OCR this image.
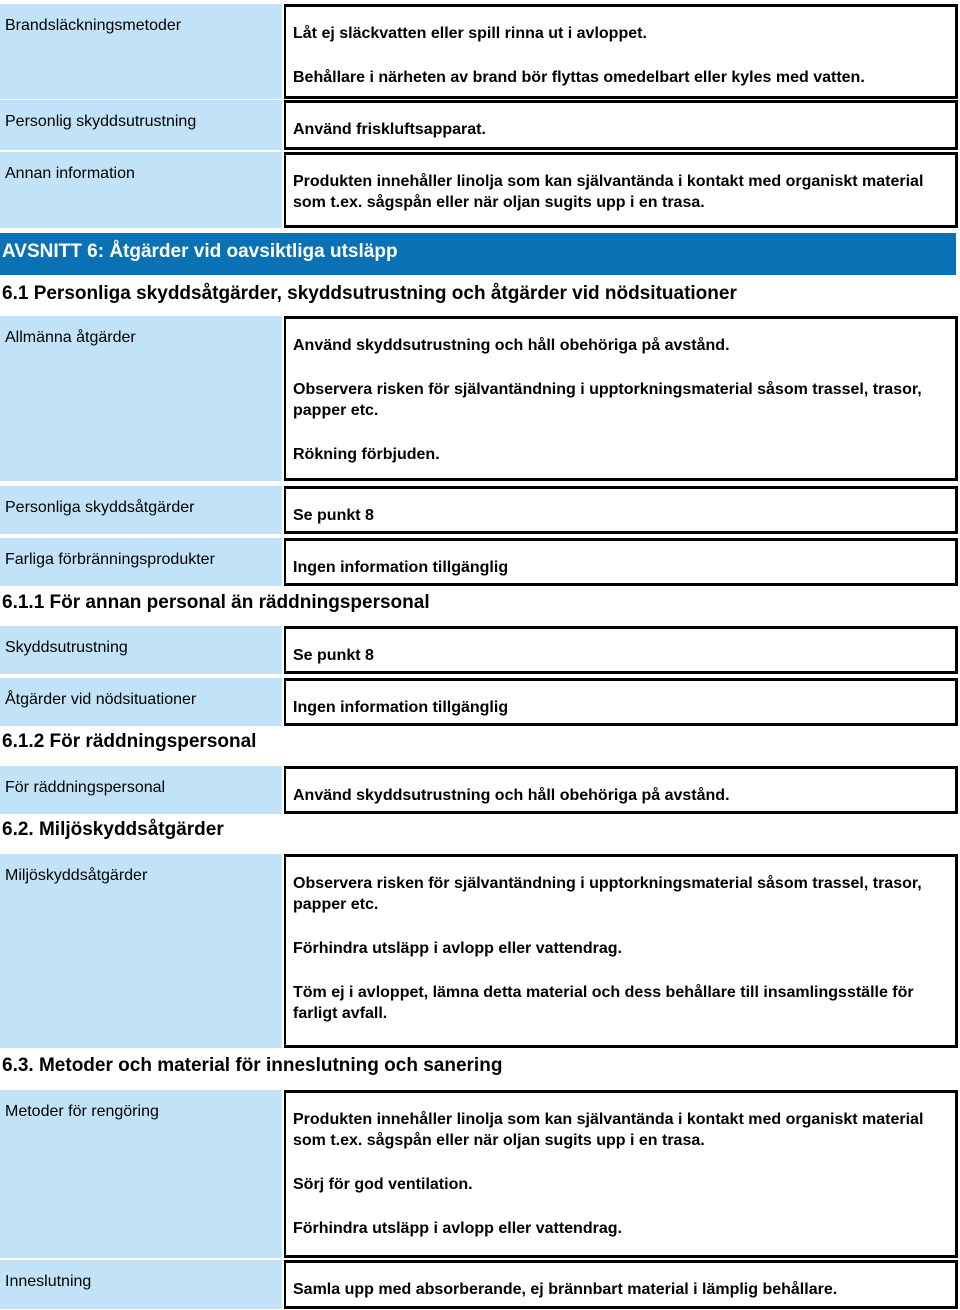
Brandsläckningsmetoder	Låt ej släckvatten eller spill rinna ut i avloppet.

Behållare i närheten av brand bör flyttas omedelbart eller kyles med vatten.

Personlig skyddsutrustning	Använd friskluftsapparat.

Annan information	Produkten innehåller linolja som kan självantända i kontakt med organiskt material som t.ex. sågspån eller när oljan sugits upp i en trasa.

AVSNITT 6: Åtgärder vid oavsiktliga utsläpp
6.1 Personliga skyddsåtgärder, skyddsutrustning och åtgärder vid nödsituationer
Allmänna åtgärder	Använd skyddsutrustning och håll obehöriga på avstånd.

Observera risken för självantändning i upptorkningsmaterial såsom trassel, trasor, papper etc.

Rökning förbjuden.

Personliga skyddsåtgärder	Se punkt 8

Farliga förbränningsprodukter	Ingen information tillgänglig

6.1.1 För annan personal än räddningspersonal
Skyddsutrustning	Se punkt 8

Åtgärder vid nödsituationer	Ingen information tillgänglig

6.1.2 För räddningspersonal
För räddningspersonal	Använd skyddsutrustning och håll obehöriga på avstånd.

6.2. Miljöskyddsåtgärder
Miljöskyddsåtgärder	Observera risken för självantändning i upptorkningsmaterial såsom trassel, trasor, papper etc.

Förhindra utsläpp i avlopp eller vattendrag.

Töm ej i avloppet, lämna detta material och dess behållare till insamlingsställe för farligt avfall.

6.3. Metoder och material för inneslutning och sanering
Metoder för rengöring	Produkten innehåller linolja som kan självantända i kontakt med organiskt material som t.ex. sågspån eller när oljan sugits upp i en trasa.

Sörj för god ventilation.

Förhindra utsläpp i avlopp eller vattendrag.

Inneslutning	Samla upp med absorberande, ej brännbart material i lämplig behållare.
